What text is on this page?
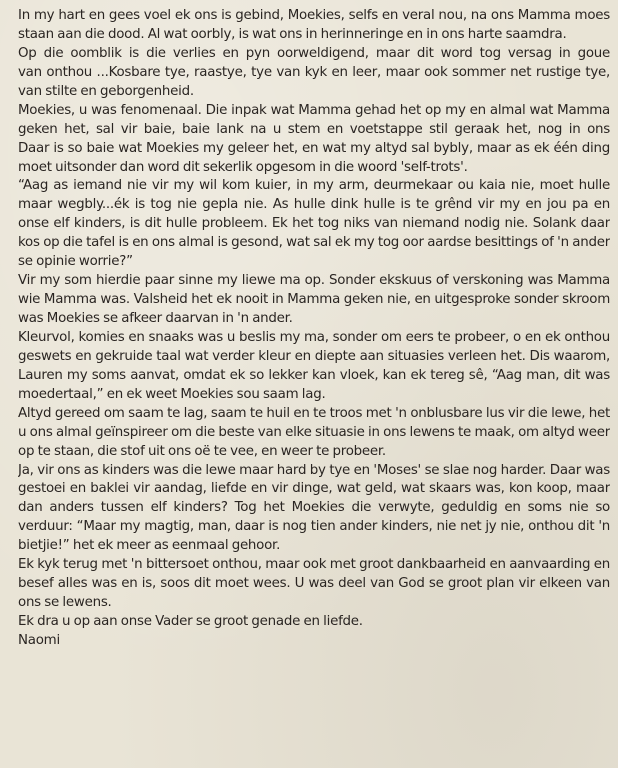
In my hart en gees voel ek ons is gebind, Moekies, selfs en veral nou, na ons Mamma moes
staan aan die dood. Al wat oorbly, is wat ons in herinneringe en in ons harte saamdra.
Op die oomblik is die verlies en pyn oorweldigend, maar dit word tog versag in goue
van onthou ...Kosbare tye, raastye, tye van kyk en leer, maar ook sommer net rustige tye,
van stilte en geborgenheid.
Moekies, u was fenomenaal. Die inpak wat Mamma gehad het op my en almal wat Mamma
geken het, sal vir baie, baie lank na u stem en voetstappe stil geraak het, nog in ons
Daar is so baie wat Moekies my geleer het, en wat my altyd sal bybly, maar as ek één ding
moet uitsonder dan word dit sekerlik opgesom in die woord 'self-trots'.
“Aag as iemand nie vir my wil kom kuier, in my arm, deurmekaar ou kaia nie, moet hulle
maar wegbly...ék is tog nie gepla nie. As hulle dink hulle is te grênd vir my en jou pa en
onse elf kinders, is dit hulle probleem. Ek het tog niks van niemand nodig nie. Solank daar
kos op die tafel is en ons almal is gesond, wat sal ek my tog oor aardse besittings of 'n ander
se opinie worrie?”
Vir my som hierdie paar sinne my liewe ma op. Sonder ekskuus of verskoning was Mamma
wie Mamma was. Valsheid het ek nooit in Mamma geken nie, en uitgesproke sonder skroom
was Moekies se afkeer daarvan in 'n ander.
Kleurvol, komies en snaaks was u beslis my ma, sonder om eers te probeer, o en ek onthou
geswets en gekruide taal wat verder kleur en diepte aan situasies verleen het. Dis waarom,
Lauren my soms aanvat, omdat ek so lekker kan vloek, kan ek tereg sê, “Aag man, dit was
moedertaal,” en ek weet Moekies sou saam lag.
Altyd gereed om saam te lag, saam te huil en te troos met 'n onblusbare lus vir die lewe, het
u ons almal geïnspireer om die beste van elke situasie in ons lewens te maak, om altyd weer
op te staan, die stof uit ons oë te vee, en weer te probeer.
Ja, vir ons as kinders was die lewe maar hard by tye en 'Moses' se slae nog harder. Daar was
gestoei en baklei vir aandag, liefde en vir dinge, wat geld, wat skaars was, kon koop, maar
dan anders tussen elf kinders? Tog het Moekies die verwyte, geduldig en soms nie so
verduur: “Maar my magtig, man, daar is nog tien ander kinders, nie net jy nie, onthou dit 'n
bietjie!” het ek meer as eenmaal gehoor.
Ek kyk terug met 'n bittersoet onthou, maar ook met groot dankbaarheid en aanvaarding en
besef alles was en is, soos dit moet wees. U was deel van God se groot plan vir elkeen van
ons se lewens.
Ek dra u op aan onse Vader se groot genade en liefde.
Naomi
